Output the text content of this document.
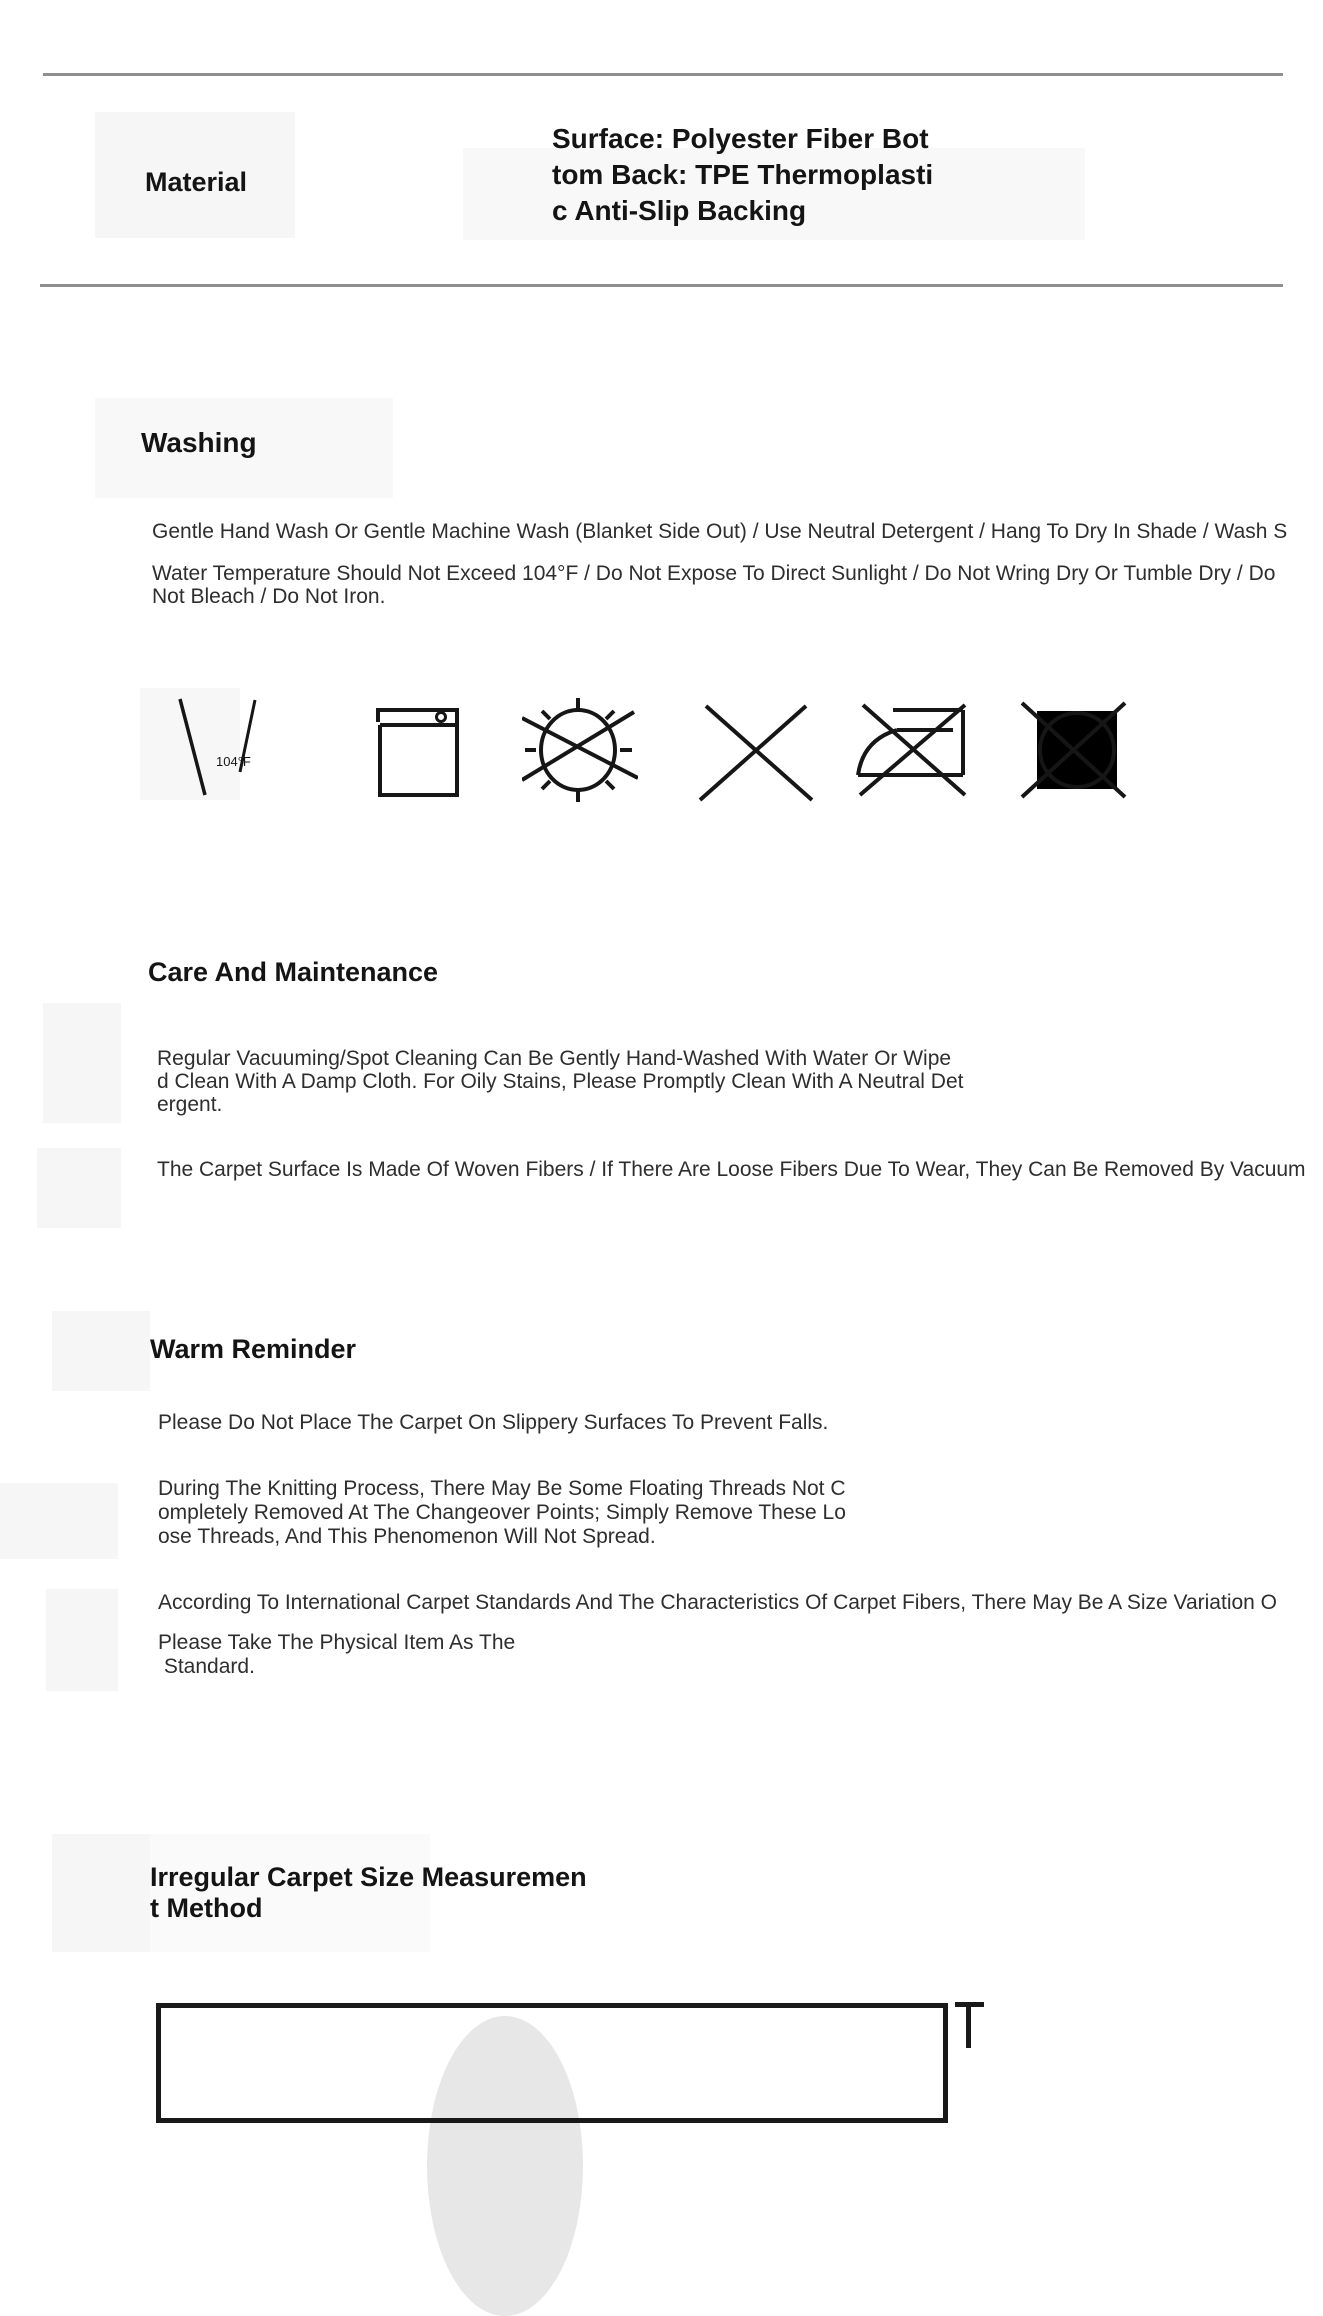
Material
Surface: Polyester Fiber Bot
tom Back: TPE Thermoplasti
c Anti-Slip Backing
Washing
Gentle Hand Wash Or Gentle Machine Wash (Blanket Side Out) / Use Neutral Detergent / Hang To Dry In Shade / Wash S
Water Temperature Should Not Exceed 104°F / Do Not Expose To Direct Sunlight / Do Not Wring Dry Or Tumble Dry / Do
Not Bleach / Do Not Iron.
104°F
Care And Maintenance
Regular Vacuuming/Spot Cleaning Can Be Gently Hand-Washed With Water Or Wipe
d Clean With A Damp Cloth. For Oily Stains, Please Promptly Clean With A Neutral Det
ergent.
The Carpet Surface Is Made Of Woven Fibers / If There Are Loose Fibers Due To Wear, They Can Be Removed By Vacuum
Warm Reminder
Please Do Not Place The Carpet On Slippery Surfaces To Prevent Falls.
During The Knitting Process, There May Be Some Floating Threads Not C
ompletely Removed At The Changeover Points; Simply Remove These Lo
ose Threads, And This Phenomenon Will Not Spread.
According To International Carpet Standards And The Characteristics Of Carpet Fibers, There May Be A Size Variation O
Please Take The Physical Item As The
Standard.
Irregular Carpet Size Measuremen
t Method
